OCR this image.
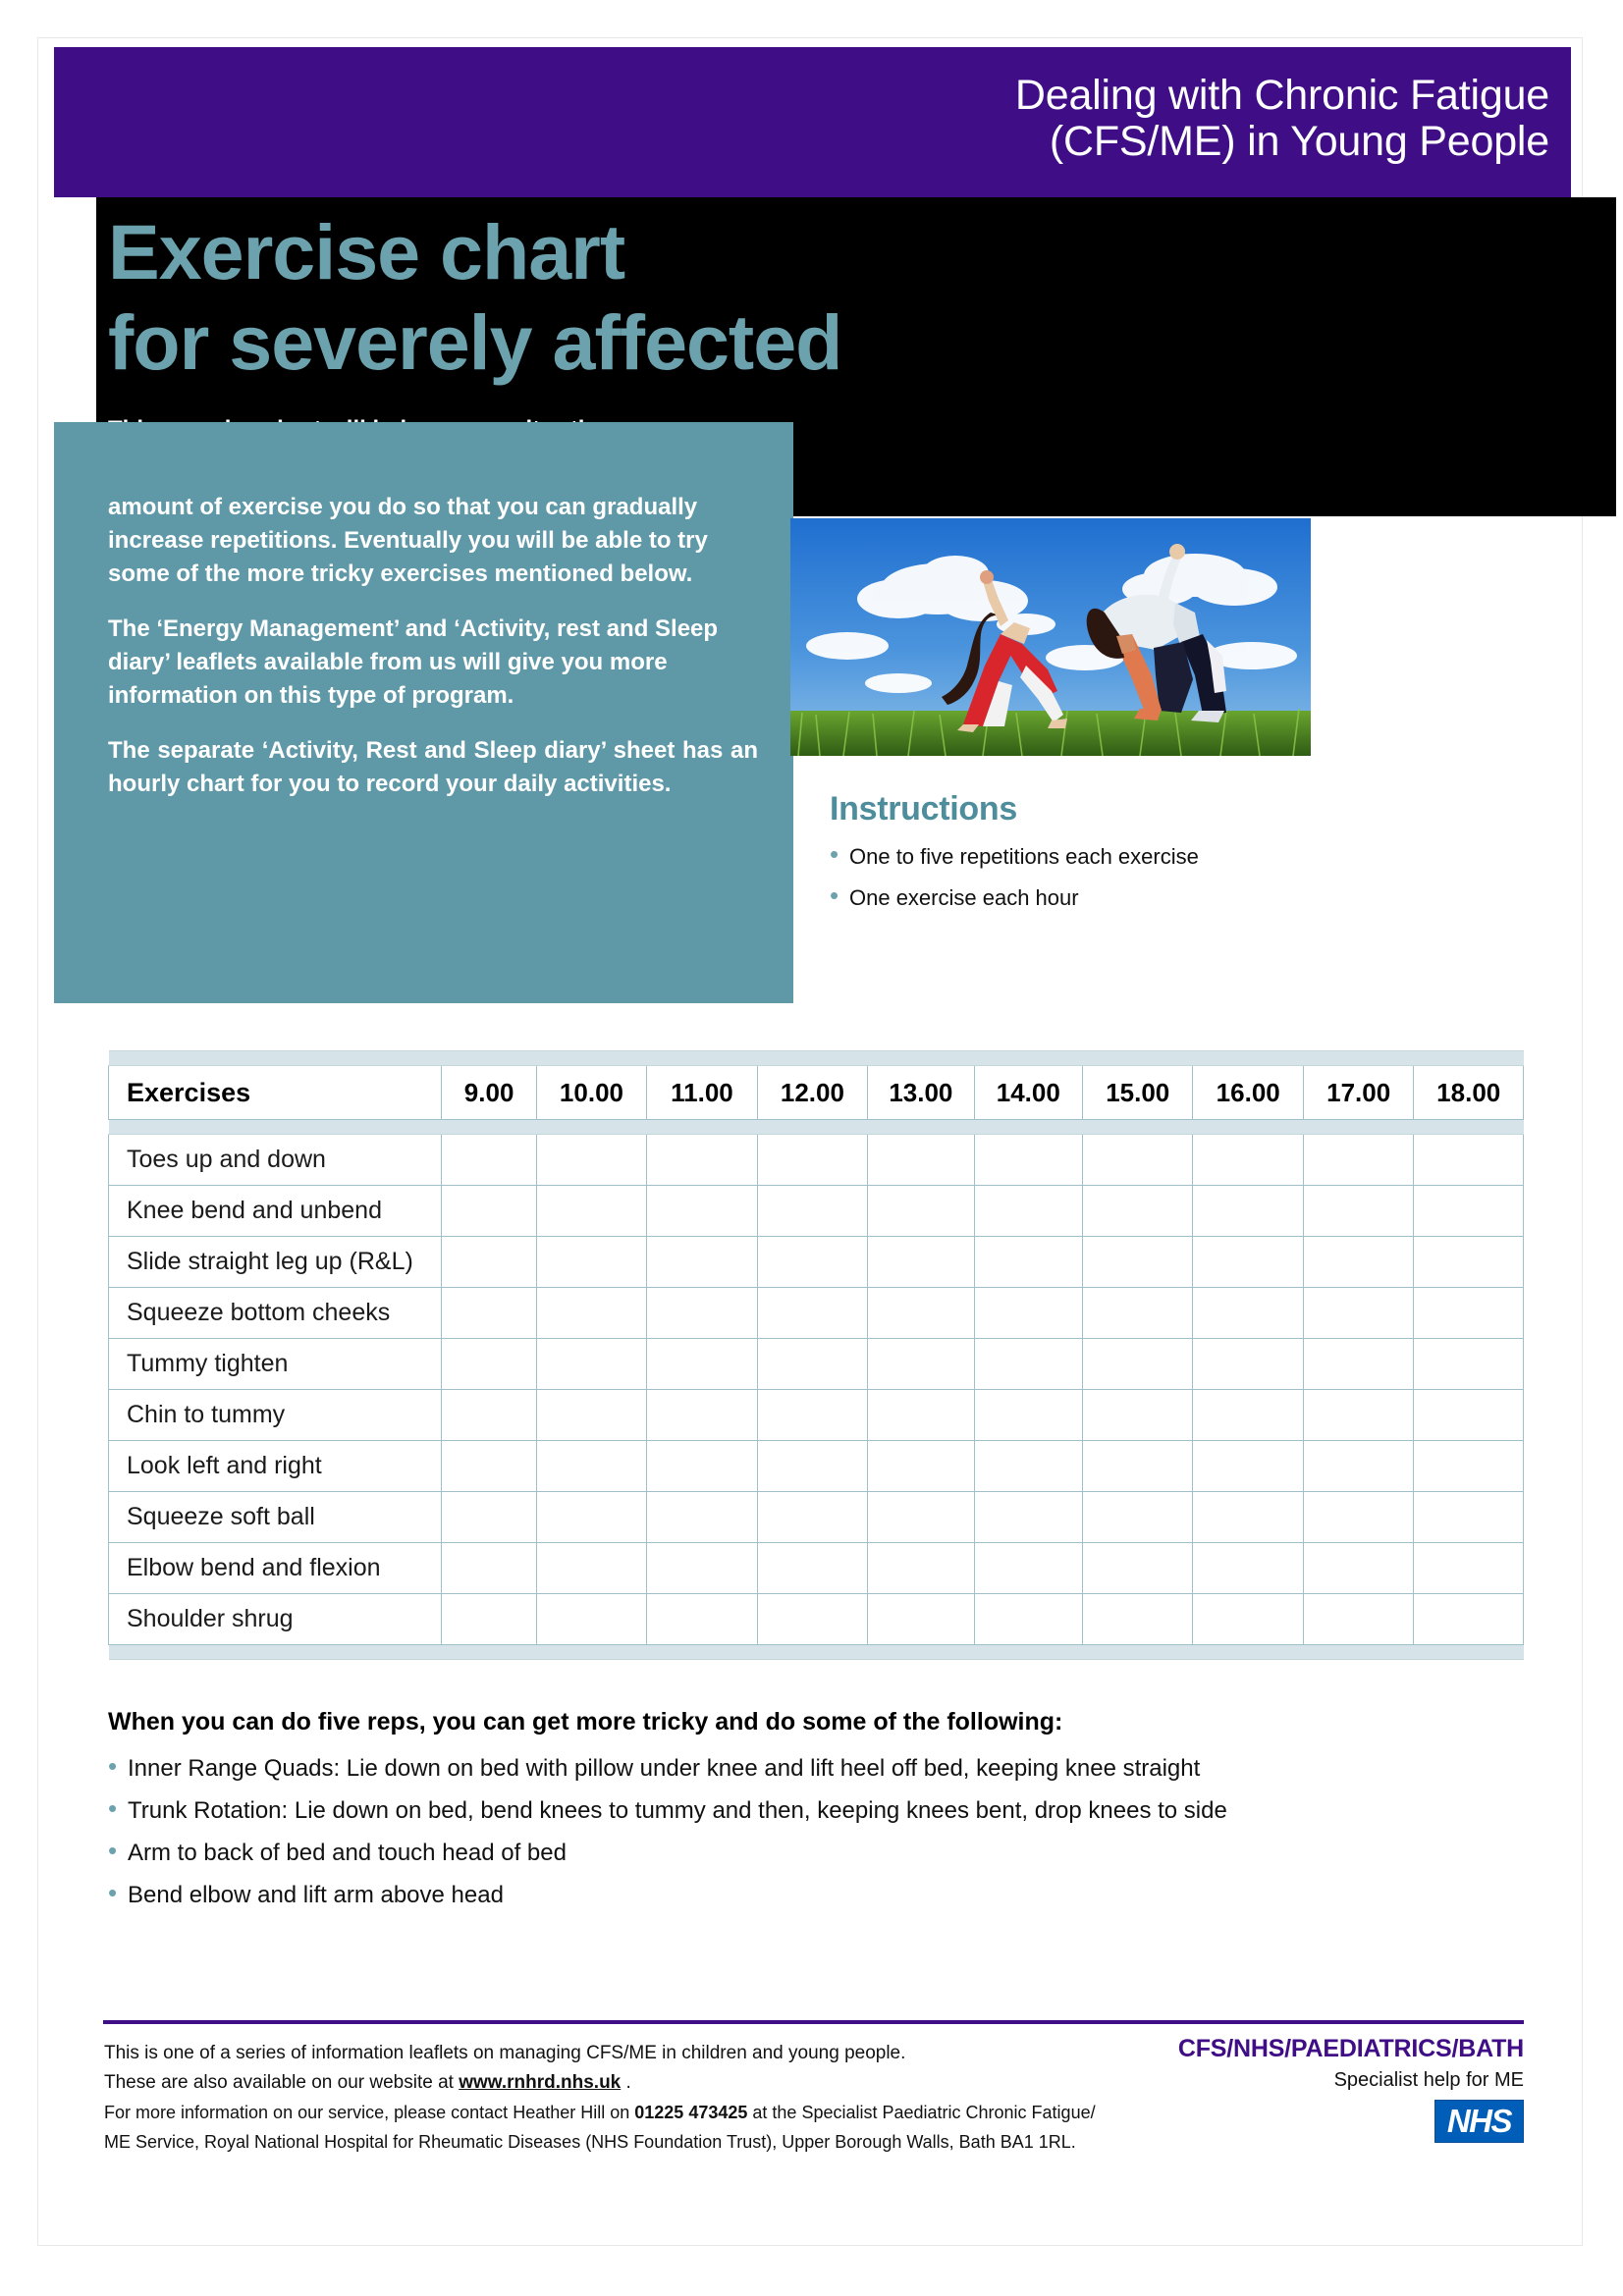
Dealing with Chronic Fatigue
(CFS/ME) in Young People
Exercise chart
for severely affected

amount of exercise you do so that you can gradually increase repetitions. Eventually you will be able to try some of the more tricky exercises mentioned below.

The ‘Energy Management’ and ‘Activity, rest and Sleep diary’ leaflets available from us will give you more information on this type of program.

The separate ‘Activity, Rest and Sleep diary’ sheet has an hourly chart for you to record your daily activities.

Instructions
• One to five repetitions each exercise
• One exercise each hour

Exercises	9.00	10.00	11.00	12.00	13.00	14.00	15.00	16.00	17.00	18.00

Toes up and down										
Knee bend and unbend										
Slide straight leg up (R&L)										
Squeeze bottom cheeks										
Tummy tighten										
Chin to tummy										
Look left and right										
Squeeze soft ball										
Elbow bend and flexion										
Shoulder shrug										

When you can do five reps, you can get more tricky and do some of the following:
• Inner Range Quads: Lie down on bed with pillow under knee and lift heel off bed, keeping knee straight
• Trunk Rotation: Lie down on bed, bend knees to tummy and then, keeping knees bent, drop knees to side
• Arm to back of bed and touch head of bed
• Bend elbow and lift arm above head
This is one of a series of information leaflets on managing CFS/ME in children and young people.
These are also available on our website at www.rnhrd.nhs.uk .
For more information on our service, please contact Heather Hill on 01225 473425 at the Specialist Paediatric Chronic Fatigue/
ME Service, Royal National Hospital for Rheumatic Diseases (NHS Foundation Trust), Upper Borough Walls, Bath BA1 1RL.
CFS/NHS/PAEDIATRICS/BATH
Specialist help for ME
NHS
